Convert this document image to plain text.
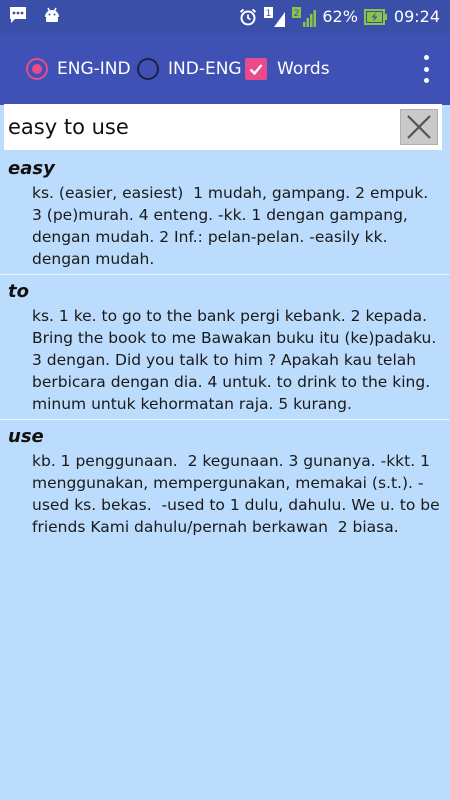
1 2 62% 09:24
ENG-IND IND-ENG Words
easy to use
easy
ks. (easier, easiest)  1 mudah, gampang. 2 empuk. 3 (pe)murah. 4 enteng. -kk. 1 dengan gampang, dengan mudah. 2 Inf.: pelan-pelan. -easily kk. dengan mudah.
to
ks. 1 ke. to go to the bank pergi kebank. 2 kepada. Bring the book to me Bawakan buku itu (ke)padaku. 3 dengan. Did you talk to him ? Apakah kau telah berbicara dengan dia. 4 untuk. to drink to the king. minum untuk kehormatan raja. 5 kurang.
use
kb. 1 penggunaan.  2 kegunaan. 3 gunanya. -kkt. 1 menggunakan, mempergunakan, memakai (s.t.). -used ks. bekas.  -used to 1 dulu, dahulu. We u. to be friends Kami dahulu/pernah berkawan  2 biasa.
